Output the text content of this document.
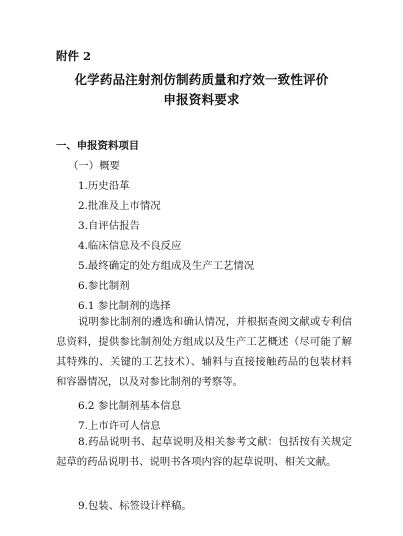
附件 2
化学药品注射剂仿制药质量和疗效一致性评价
申报资料要求
一、申报资料项目
（一）概要
1.历史沿革
2.批准及上市情况
3.自评估报告
4.临床信息及不良反应
5.最终确定的处方组成及生产工艺情况
6.参比制剂
6.1 参比制剂的选择
说明参比制剂的遴选和确认情况，并根据查阅文献或专利信息资料，提供参比制剂处方组成以及生产工艺概述（尽可能了解其特殊的、关键的工艺技术）、辅料与直接接触药品的包装材料和容器情况，以及对参比制剂的考察等。
6.2 参比制剂基本信息
7.上市许可人信息
8.药品说明书、起草说明及相关参考文献：包括按有关规定起草的药品说明书、说明书各项内容的起草说明、相关文献。
9.包装、标签设计样稿。
